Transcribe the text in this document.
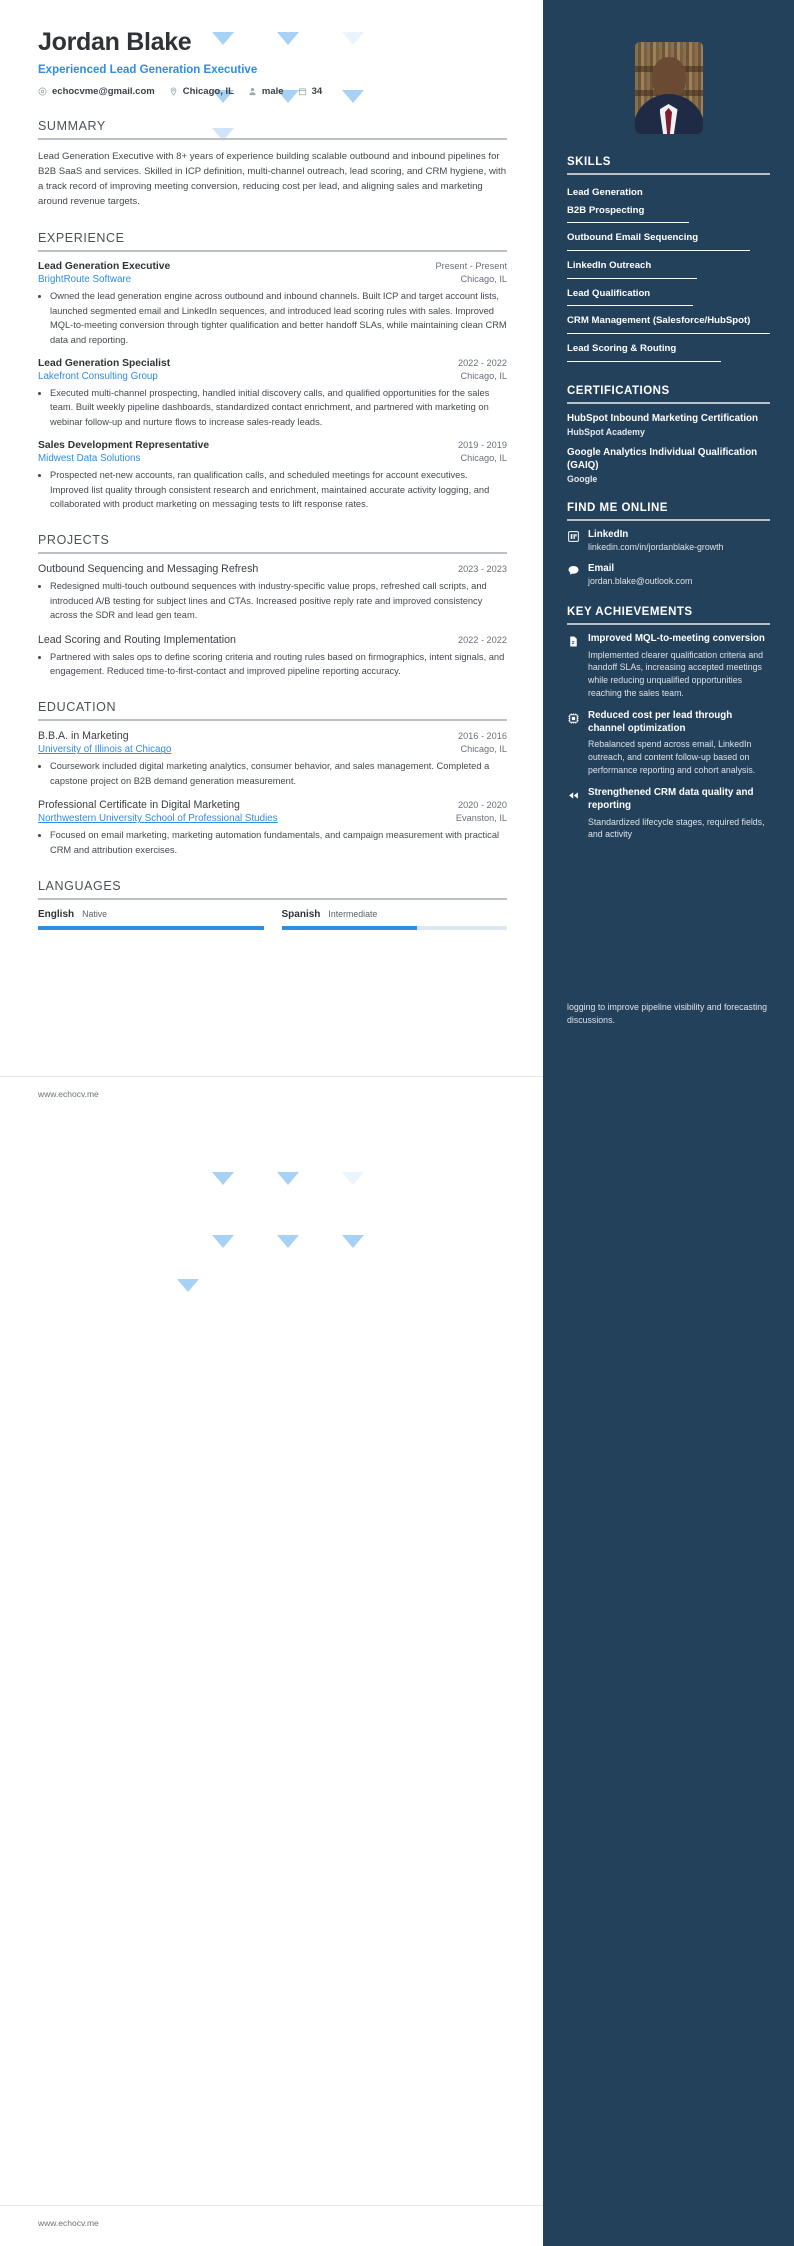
Jordan Blake
Experienced Lead Generation Executive
echocvme@gmail.com	Chicago, IL	male	34
SUMMARY
Lead Generation Executive with 8+ years of experience building scalable outbound and inbound pipelines for B2B SaaS and services. Skilled in ICP definition, multi-channel outreach, lead scoring, and CRM hygiene, with a track record of improving meeting conversion, reducing cost per lead, and aligning sales and marketing around revenue targets.
EXPERIENCE
Lead Generation Executive	Present - Present
BrightRoute Software	Chicago, IL
• Owned the lead generation engine across outbound and inbound channels. Built ICP and target account lists, launched segmented email and LinkedIn sequences, and introduced lead scoring rules with sales. Improved MQL-to-meeting conversion through tighter qualification and better handoff SLAs, while maintaining clean CRM data and reporting.
Lead Generation Specialist	2022 - 2022
Lakefront Consulting Group	Chicago, IL
• Executed multi-channel prospecting, handled initial discovery calls, and qualified opportunities for the sales team. Built weekly pipeline dashboards, standardized contact enrichment, and partnered with marketing on webinar follow-up and nurture flows to increase sales-ready leads.
Sales Development Representative	2019 - 2019
Midwest Data Solutions	Chicago, IL
• Prospected net-new accounts, ran qualification calls, and scheduled meetings for account executives. Improved list quality through consistent research and enrichment, maintained accurate activity logging, and collaborated with product marketing on messaging tests to lift response rates.
PROJECTS
Outbound Sequencing and Messaging Refresh	2023 - 2023
• Redesigned multi-touch outbound sequences with industry-specific value props, refreshed call scripts, and introduced A/B testing for subject lines and CTAs. Increased positive reply rate and improved consistency across the SDR and lead gen team.
Lead Scoring and Routing Implementation	2022 - 2022
• Partnered with sales ops to define scoring criteria and routing rules based on firmographics, intent signals, and engagement. Reduced time-to-first-contact and improved pipeline reporting accuracy.
EDUCATION
B.B.A. in Marketing	2016 - 2016
University of Illinois at Chicago	Chicago, IL
• Coursework included digital marketing analytics, consumer behavior, and sales management. Completed a capstone project on B2B demand generation measurement.
Professional Certificate in Digital Marketing	2020 - 2020
Northwestern University School of Professional Studies	Evanston, IL
• Focused on email marketing, marketing automation fundamentals, and campaign measurement with practical CRM and attribution exercises.
LANGUAGES
English Native	Spanish Intermediate
www.echocv.me
SKILLS
Lead Generation
B2B Prospecting
Outbound Email Sequencing
LinkedIn Outreach
Lead Qualification
CRM Management (Salesforce/HubSpot)
Lead Scoring & Routing
CERTIFICATIONS
HubSpot Inbound Marketing Certification
HubSpot Academy
Google Analytics Individual Qualification (GAIQ)
Google
FIND ME ONLINE
LinkedIn
linkedin.com/in/jordanblake-growth
Email
jordan.blake@outlook.com
KEY ACHIEVEMENTS
Improved MQL-to-meeting conversion
Implemented clearer qualification criteria and handoff SLAs, increasing accepted meetings while reducing unqualified opportunities reaching the sales team.
Reduced cost per lead through channel optimization
Rebalanced spend across email, LinkedIn outreach, and content follow-up based on performance reporting and cohort analysis.
Strengthened CRM data quality and reporting
Standardized lifecycle stages, required fields, and activity
logging to improve pipeline visibility and forecasting discussions.
www.echocv.me
